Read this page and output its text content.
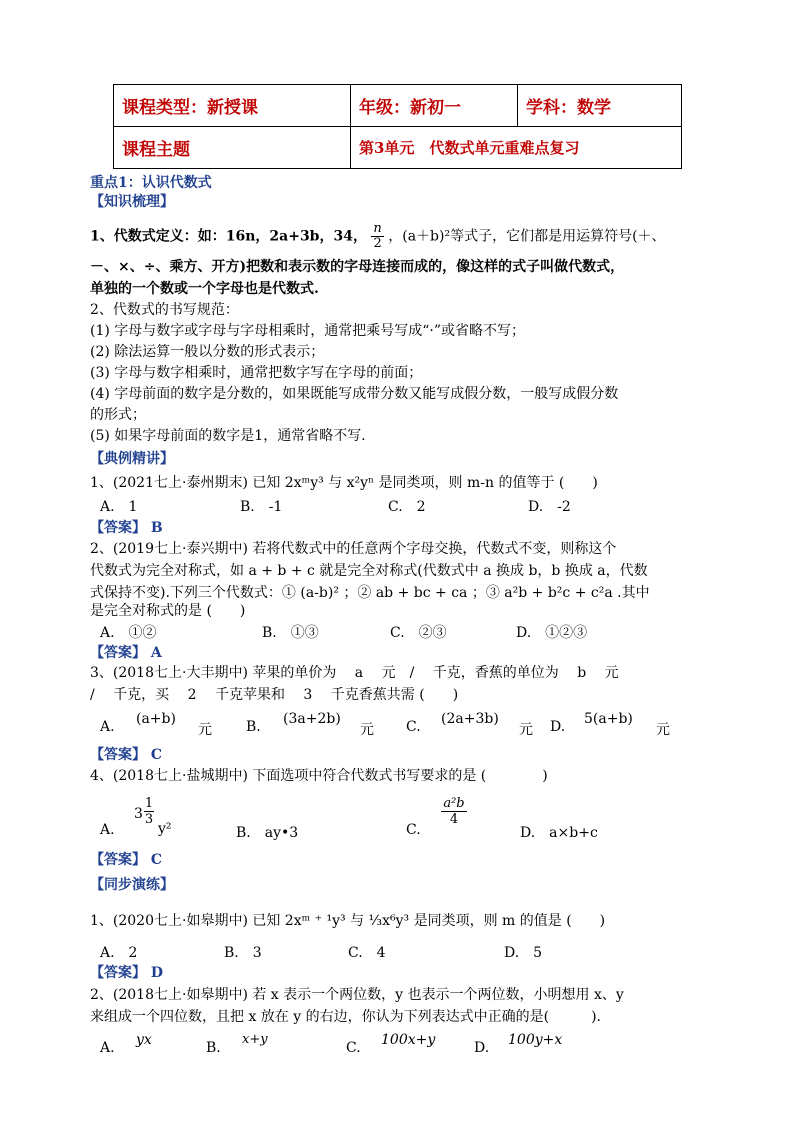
课程类型：新授课	年级：新初一	学科：数学
课程主题	第3单元　代数式单元重难点复习	
重点1：认识代数式
【知识梳理】
1、代数式定义：如：16n，2a+3b，34， $\frac{n}{2}$ ，(a＋b)²等式子，它们都是用运算符号(＋、
－、×、÷、乘方、开方)把数和表示数的字母连接而成的，像这样的式子叫做代数式，
单独的一个数或一个字母也是代数式.
2、代数式的书写规范：
(1) 字母与数字或字母与字母相乘时，通常把乘号写成“·”或省略不写；
(2) 除法运算一般以分数的形式表示；
(3) 字母与数字相乘时，通常把数字写在字母的前面；
(4) 字母前面的数字是分数的，如果既能写成带分数又能写成假分数，一般写成假分数
的形式；
(5) 如果字母前面的数字是1，通常省略不写.
【典例精讲】
1、(2021七上·泰州期末) 已知 2xᵐy³ 与 x²yⁿ 是同类项，则 m-n 的值等于 (　　)
A.　1	B.　-1	C.　2	D.　-2
【答案】 B
2、(2019七上·泰兴期中) 若将代数式中的任意两个字母交换，代数式不变，则称这个
代数式为完全对称式，如 a + b + c 就是完全对称式(代数式中 a 换成 b，b 换成 a，代数
式保持不变).下列三个代数式：① (a-b)² ；② ab + bc + ca ；③ a²b + b²c + c²a .其中
是完全对称式的是 (　　)
A.　①②	B.　①③	C.　②③	D.　①②③
【答案】 A
3、(2018七上·大丰期中) 苹果的单价为　 a　 元　/　 千克，香蕉的单位为　 b　 元
/　 千克，买　 2　 千克苹果和　 3　 千克香蕉共需 (　　)
A. (a+b)
元 B. (3a+2b)
元 C. (2a+3b)
元 D. 5(a+b)
元
【答案】 C
4、(2018七上·盐城期中) 下面选项中符合代数式书写要求的是 (　　　　)
A.
3
1
3
y²	B.　ay•3	C.
a²b
4
D.　a×b+c
【答案】 C
【同步演练】
1、(2020七上·如皋期中) 已知 2xᵐ ⁺ ¹y³ 与 ⅓x⁶y³ 是同类项，则 m 的值是 (　　)
A.　2	B.　3	C.　4	D.　5
【答案】 D
2、(2018七上·如皋期中) 若 x 表示一个两位数，y 也表示一个两位数，小明想用 x、y
来组成一个四位数，且把 x 放在 y 的右边，你认为下列表达式中正确的是(　　　).
A. yx	B.
x+y
C. 100x+y	D. 100y+x
